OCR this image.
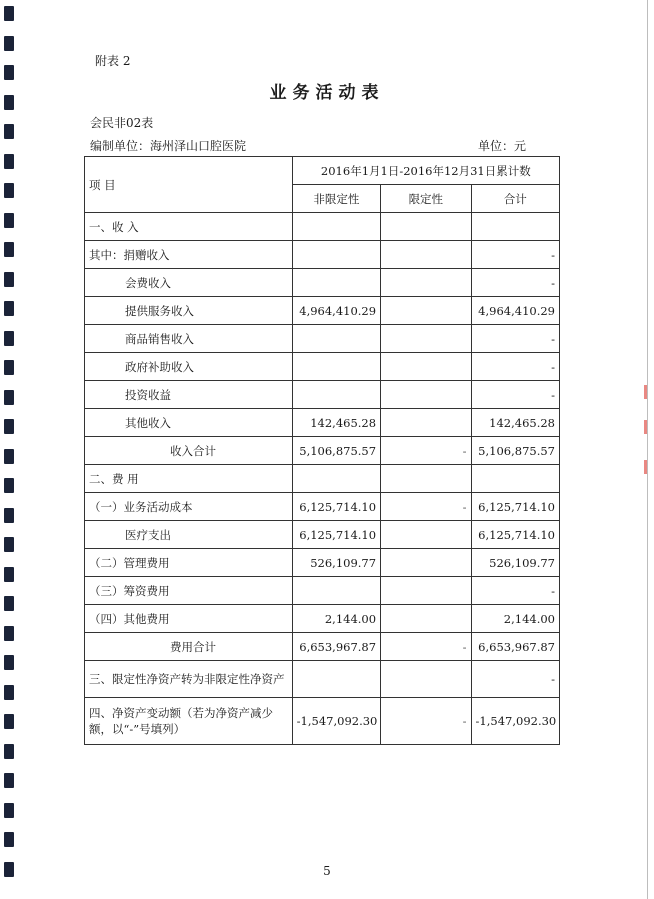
附表 2
业务活动表
会民非02表
编制单位：海州泽山口腔医院	单位：元
项 目	2016年1月1日-2016年12月31日累计数		
	非限定性	限定性	合计
一、收 入			
其中：捐赠收入			-
会费收入			-
提供服务收入	4,964,410.29		4,964,410.29
商品销售收入			-
政府补助收入			-
投资收益			-
其他收入	142,465.28		142,465.28
收入合计	5,106,875.57	-	5,106,875.57
二、费 用			
（一）业务活动成本	6,125,714.10	-	6,125,714.10
医疗支出	6,125,714.10		6,125,714.10
（二）管理费用	526,109.77		526,109.77
（三）筹资费用			-
（四）其他费用	2,144.00		2,144.00
费用合计	6,653,967.87	-	6,653,967.87
三、限定性净资产转为非限定性净资产			-
四、净资产变动额（若为净资产减少额，以“-”号填列）	-1,547,092.30	-	-1,547,092.30
5
